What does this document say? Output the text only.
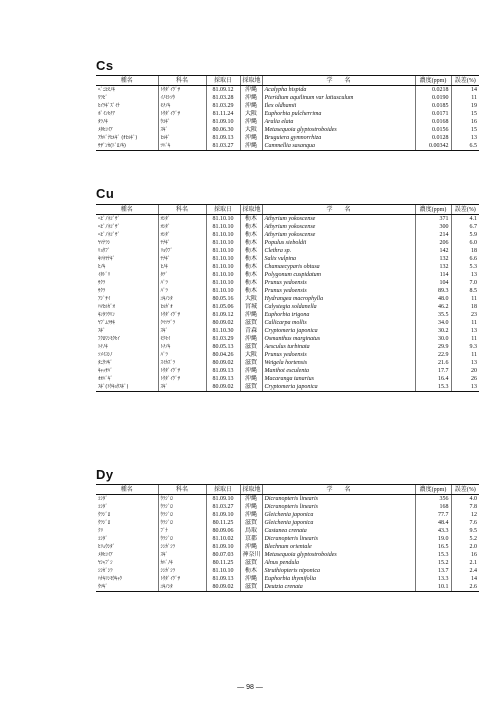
Cs
種名	科名	採取日	採取地	学　　名	濃度(ppm)	誤差(%)
ﾍﾞﾆﾋﾓﾉｷ	ﾄｳﾀﾞｲｸﾞｻ	81.09.12	沖縄	Acalypha hispida	0.0218	14
ﾜﾗﾋﾞ	ｲﾉﾓﾄｿｳ	81.03.28	沖縄	Pteridium aquilinum var latiusculum	0.0190	11
ﾋｲﾗｷﾞｽﾞｲﾅ	ﾓﾁﾉｷ	81.03.29	沖縄	Ilex oldhamii	0.0185	19
ﾎﾟｲﾝｾﾁｱ	ﾄｳﾀﾞｲｸﾞｻ	81.11.24	大阪	Euphorbia pulcherrima	0.0171	15
ﾀﾗﾉｷ	ｳｺｷﾞ	81.09.10	沖縄	Aralia elata	0.0168	16
ﾒﾀｾｺｲｱ	ｽｷﾞ	80.06.30	大阪	Metasequoia glyptostroboides	0.0156	15
ｱｶﾊﾞﾅﾋﾙｷﾞ (ｵﾋﾙｷﾞ)	ﾋﾙｷﾞ	81.09.13	沖縄	Bruguiera gymnorrhiza	0.0128	13
ｻｻﾞﾝｶ(ﾄﾞﾛﾉｷ)	ﾂﾊﾞｷ	81.03.27	沖縄	Cammellia sasanqua	0.00342	6.5
Cu
種名	科名	採取日	採取地	学　　名	濃度(ppm)	誤差(%)
ﾍﾋﾞﾉﾈｺﾞｻﾞ	ｵｼﾀﾞ	81.10.10	栃木	Athyrium yokoscense	371	4.1
ﾍﾋﾞﾉﾈｺﾞｻﾞ	ｵｼﾀﾞ	81.10.10	栃木	Athyrium yokoscense	300	6.7
ﾍﾋﾞﾉﾈｺﾞｻﾞ	ｵｼﾀﾞ	81.10.10	栃木	Athyrium yokoscense	214	5.9
ﾔﾏﾅﾗｼ	ﾔﾅｷﾞ	81.10.10	栃木	Populus sieboldii	206	6.0
ﾘｮｳﾌﾞ	ﾘｮｳﾌﾞ	81.10.10	栃木	Clethra sp.	142	18
ｷﾂﾈﾔﾅｷﾞ	ﾔﾅｷﾞ	81.10.10	栃木	Salix vulpina	132	6.6
ﾋﾉｷ	ﾋﾉｷ	81.10.10	栃木	Chamaecyparis obtusa	132	5.3
ｲﾀﾄﾞﾘ	ﾀﾃﾞ	81.10.10	栃木	Polygonum cuspidatum	114	13
ｻｸﾗ	ﾊﾞﾗ	81.10.10	栃木	Prunus yedoensis	104	7.0
ｻｸﾗ	ﾊﾞﾗ	81.10.10	栃木	Prunus yedoensis	89.3	8.5
ｱｼﾞｻｲ	ﾕｷﾉｼﾀ	80.05.16	大阪	Hydrangea macrophylla	48.0	11
ﾊﾏﾋﾙｶﾞｵ	ﾋﾙｶﾞｵ	81.05.06	宮城	Calystegia soldanella	46.2	18
ｷﾝﾀﾗｸﾘﾝ	ﾄｳﾀﾞｲｸﾞｻ	81.09.12	沖縄	Euphorbia trigona	35.5	23
ﾔﾌﾞﾑﾗｻｷ	ｸﾏﾂﾂﾞﾗ	80.09.02	滋賀	Callicarpa mollis	34.0	11
ｽｷﾞ	ｽｷﾞ	81.10.30	青森	Cryptomeria japonica	30.2	13
ﾌｸﾛﾜﾝﾓｸｾｲ	ﾓｸｾｲ	81.03.29	沖縄	Osmanthus marginatus	30.0	11
ﾄﾁﾉｷ	ﾄﾁﾉｷ	80.05.13	滋賀	Aesculus turbinata	29.9	9.3
ｿﾒｲﾖｼﾉ	ﾊﾞﾗ	80.04.26	大阪	Prunus yedoensis	22.9	11
ﾀﾆｳﾂｷﾞ	ｽｲｶｽﾞﾗ	80.09.02	滋賀	Weigela hortensis	21.6	13
ｷｬｯｻﾊﾞ	ﾄｳﾀﾞｲｸﾞｻ	81.09.13	沖縄	Manihot esculenta	17.7	20
ｵｵﾊﾞｷﾞ	ﾄｳﾀﾞｲｸﾞｻ	81.09.13	沖縄	Macaranga tanarius	16.4	26
ｽｷﾞ(ﾄｳｷｮｳｽｷﾞ)	ｽｷﾞ	80.09.02	滋賀	Cryptomeria japonica	15.3	13
Dy
種名	科名	採取日	採取地	学　　名	濃度(ppm)	誤差(%)
ｺｼﾀﾞ	ｳﾗｼﾞﾛ	81.09.10	沖縄	Dicranopteris linearis	356	4.0
ｺｼﾀﾞ	ｳﾗｼﾞﾛ	81.03.27	沖縄	Dicranopteris linearis	168	7.8
ｳﾗｼﾞﾛ	ｳﾗｼﾞﾛ	81.09.10	沖縄	Gleichenia japonica	77.7	12
ｳﾗｼﾞﾛ	ｳﾗｼﾞﾛ	80.11.25	滋賀	Gleichenia japonica	48.4	7.6
ｸﾘ	ﾌﾞﾅ	80.09.06	鳥取	Castanea crenata	43.3	9.5
ｺｼﾀﾞ	ｳﾗｼﾞﾛ	81.10.02	京都	Dicranopteris linearis	19.0	5.2
ﾋﾘｭｳｼﾀﾞ	ｼｼｶﾞｼﾗ	81.09.10	沖縄	Blechnum orientale	16.5	2.0
ﾒﾀｾｺｲｱ	ｽｷﾞ	80.07.03	神奈川	Metasequoia glyptostroboides	15.3	16
ﾔｼｬﾌﾞｼ	ｶﾊﾞﾉｷ	80.11.25	滋賀	Alnus pendula	15.2	2.1
ｼｼｶﾞｼﾗ	ｼｼｶﾞｼﾗ	81.10.10	栃木	Struthiopteris niponica	13.7	2.4
ﾊﾅｷﾘﾝﾓｳｷｬｸ	ﾄｳﾀﾞｲｸﾞｻ	81.09.13	沖縄	Euphorbia thymifolia	13.3	14
ｳﾂｷﾞ	ﾕｷﾉｼﾀ	80.09.02	滋賀	Deutzia crenata	10.1	2.6
— 98 —
